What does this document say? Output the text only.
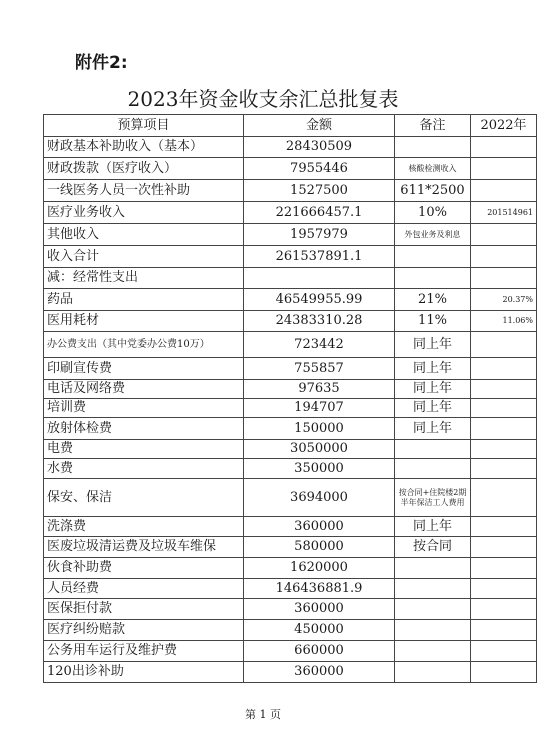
附件2:
2023年资金收支余汇总批复表
预算项目	金额	备注	2022年
财政基本补助收入（基本）	28430509		
财政拨款（医疗收入）	7955446	核酸检测收入	
一线医务人员一次性补助	1527500	611*2500	
医疗业务收入	221666457.1	10%	201514961
其他收入	1957979	外包业务及利息	
收入合计	261537891.1		
减：经常性支出			
药品	46549955.99	21%	20.37%
医用耗材	24383310.28	11%	11.06%
办公费支出（其中党委办公费10万）	723442	同上年	
印刷宣传费	755857	同上年	
电话及网络费	97635	同上年	
培训费	194707	同上年	
放射体检费	150000	同上年	
电费	3050000		
水费	350000		
保安、保洁	3694000	按合同+住院楼2期半年保洁工人费用	
洗涤费	360000	同上年	
医废垃圾清运费及垃圾车维保	580000	按合同	
伙食补助费	1620000		
人员经费	146436881.9		
医保拒付款	360000		
医疗纠纷赔款	450000		
公务用车运行及维护费	660000		
120出诊补助	360000		
第 1 页
